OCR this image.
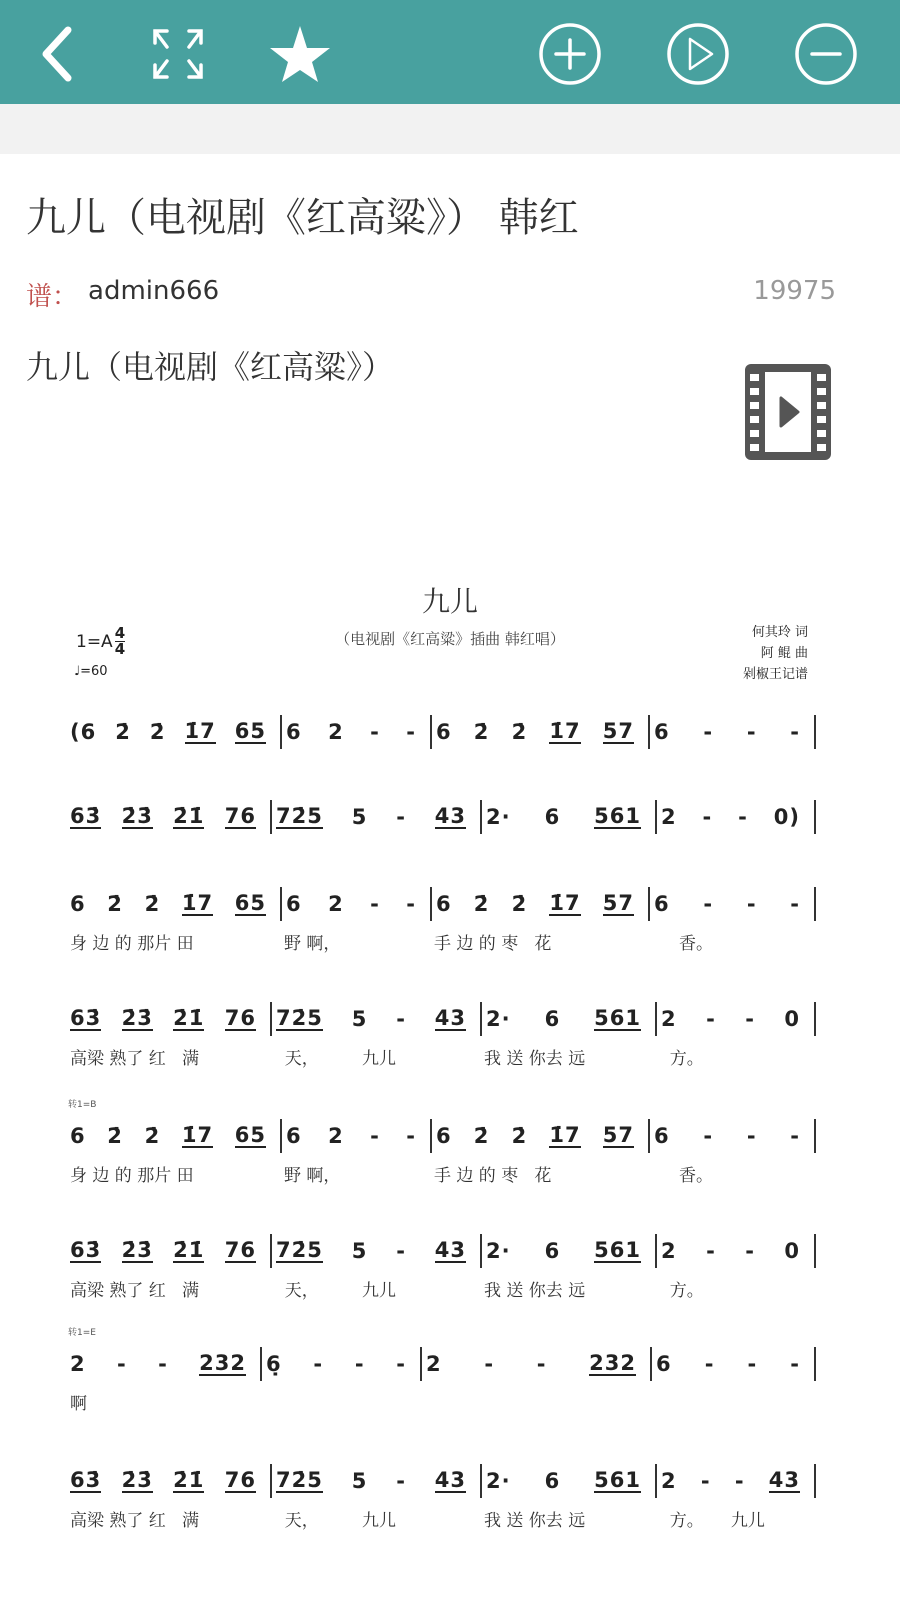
九儿（电视剧《红高粱》） 韩红
谱： admin666	19975
九儿（电视剧《红高粱》）
九儿
（电视剧《红高粱》插曲 韩红唱）
$1=A \frac{4}{4}$
♩=60
何其玲 词
阿 鲲 曲
剁椒王记谱
(6 2̇ 2̇ 1̇7 65 6 2 - - 6 2̇ 2̇ 1̇7 57 6 - - -
63̇ 2̇3̇ 2̇1̇ 76 72̇5 5 - 43 2· 6 561 2 - - 0)
6 2̇ 2̇ 1̇7 65 6 2 - - 6 2̇ 2̇ 1̇7 57 6 - - -
身 边 的 那片 田	野 啊，	手 边 的 枣   花	香。
63̇ 2̇3̇ 2̇1̇ 76 72̇5 5 - 43 2· 6 561 2 - - 0
高梁 熟了 红   满	天，        九儿	我 送 你去 远	方。
转1=B
6 2̇ 2̇ 1̇7 65 6 2 - - 6 2̇ 2̇ 1̇7 57 6 - - -
身 边 的 那片 田	野 啊，	手 边 的 枣   花	香。
63̇ 2̇3̇ 2̇1̇ 76 72̇5 5 - 43 2· 6 561 2 - - 0
高梁 熟了 红   满	天，        九儿	我 送 你去 远	方。
转1=E
2 - - 232 6̣ - - - 2 - - 232 6 - - -
啊
63̇ 2̇3̇ 2̇1̇ 76 72̇5 5 - 43 2· 6 561 2 - - 43
高梁 熟了 红   满	天，        九儿	我 送 你去 远	方。     九儿
